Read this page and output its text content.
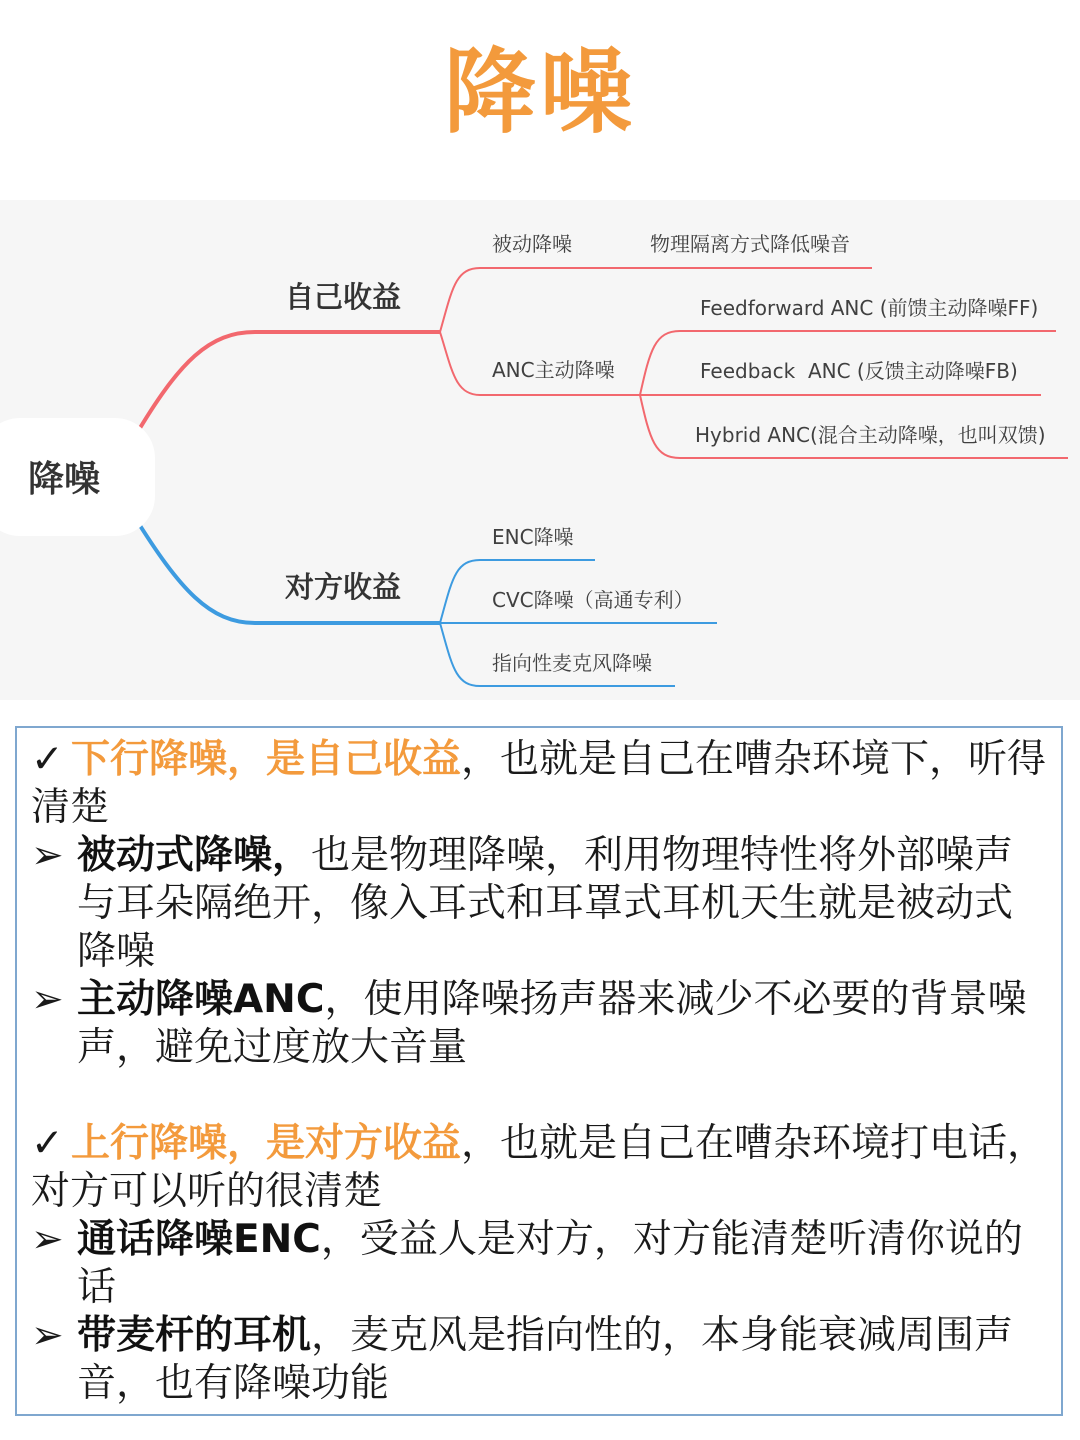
降噪
降噪
自己收益
对方收益
被动降噪	物理隔离方式降低噪音
ANC主动降噪
Feedforward ANC (前馈主动降噪FF)
Feedback  ANC (反馈主动降噪FB)
Hybrid ANC(混合主动降噪，也叫双馈)
ENC降噪
CVC降噪（高通专利）
指向性麦克风降噪

✓ 下行降噪，是自己收益，也就是自己在嘈杂环境下，听得清楚

➢ 被动式降噪，也是物理降噪，利用物理特性将外部噪声与耳朵隔绝开，像入耳式和耳罩式耳机天生就是被动式降噪

➢ 主动降噪ANC，使用降噪扬声器来减少不必要的背景噪声，避免过度放大音量

✓ 上行降噪，是对方收益，也就是自己在嘈杂环境打电话，对方可以听的很清楚

➢ 通话降噪ENC，受益人是对方，对方能清楚听清你说的话

➢ 带麦杆的耳机，麦克风是指向性的，本身能衰减周围声音，也有降噪功能
